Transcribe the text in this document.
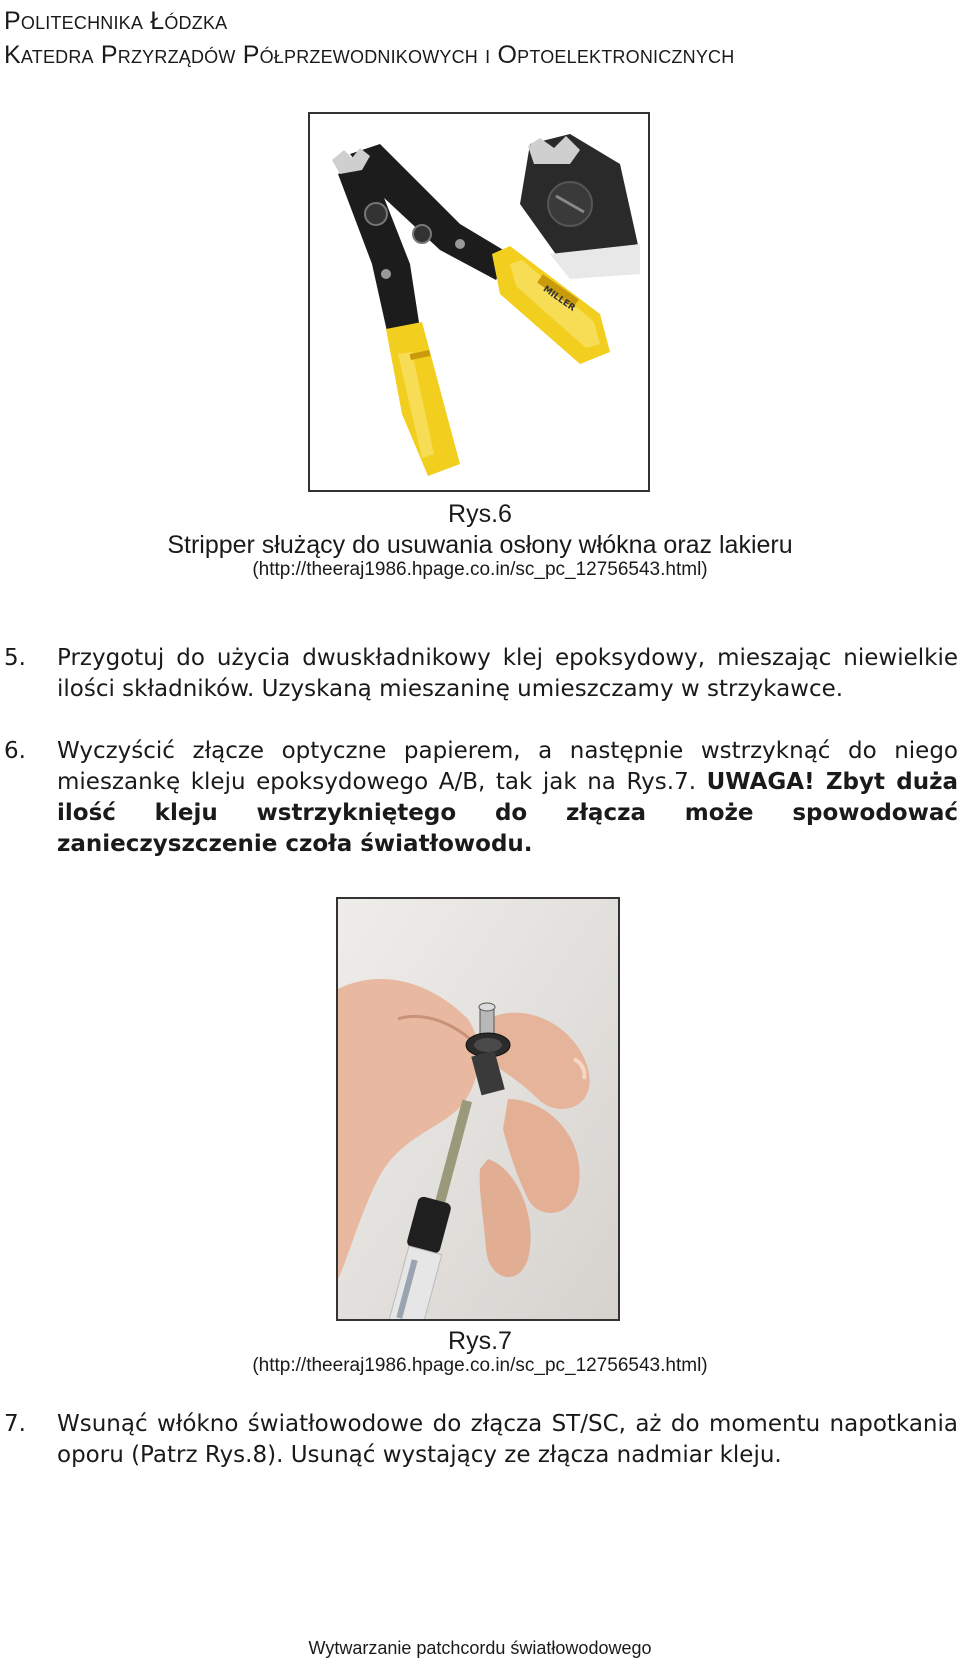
Politechnika Łódzka
Katedra Przyrządów Półprzewodnikowych i Optoelektronicznych
MILLER
Rys.6
Stripper służący do usuwania osłony włókna oraz lakieru
(http://theeraj1986.hpage.co.in/sc_pc_12756543.html)
5. Przygotuj do użycia dwuskładnikowy klej epoksydowy, mieszając niewielkie ilości składników. Uzyskaną mieszaninę umieszczamy w strzykawce.
6. Wyczyścić złącze optyczne papierem, a następnie wstrzyknąć do niego mieszankę kleju epoksydowego A/B, tak jak na Rys.7. UWAGA! Zbyt duża ilość kleju wstrzykniętego do złącza może spowodować zanieczyszczenie czoła światłowodu.
Rys.7
(http://theeraj1986.hpage.co.in/sc_pc_12756543.html)
7. Wsunąć włókno światłowodowe do złącza ST/SC, aż do momentu napotkania oporu (Patrz Rys.8). Usunąć wystający ze złącza nadmiar kleju.
Wytwarzanie patchcordu światłowodowego
